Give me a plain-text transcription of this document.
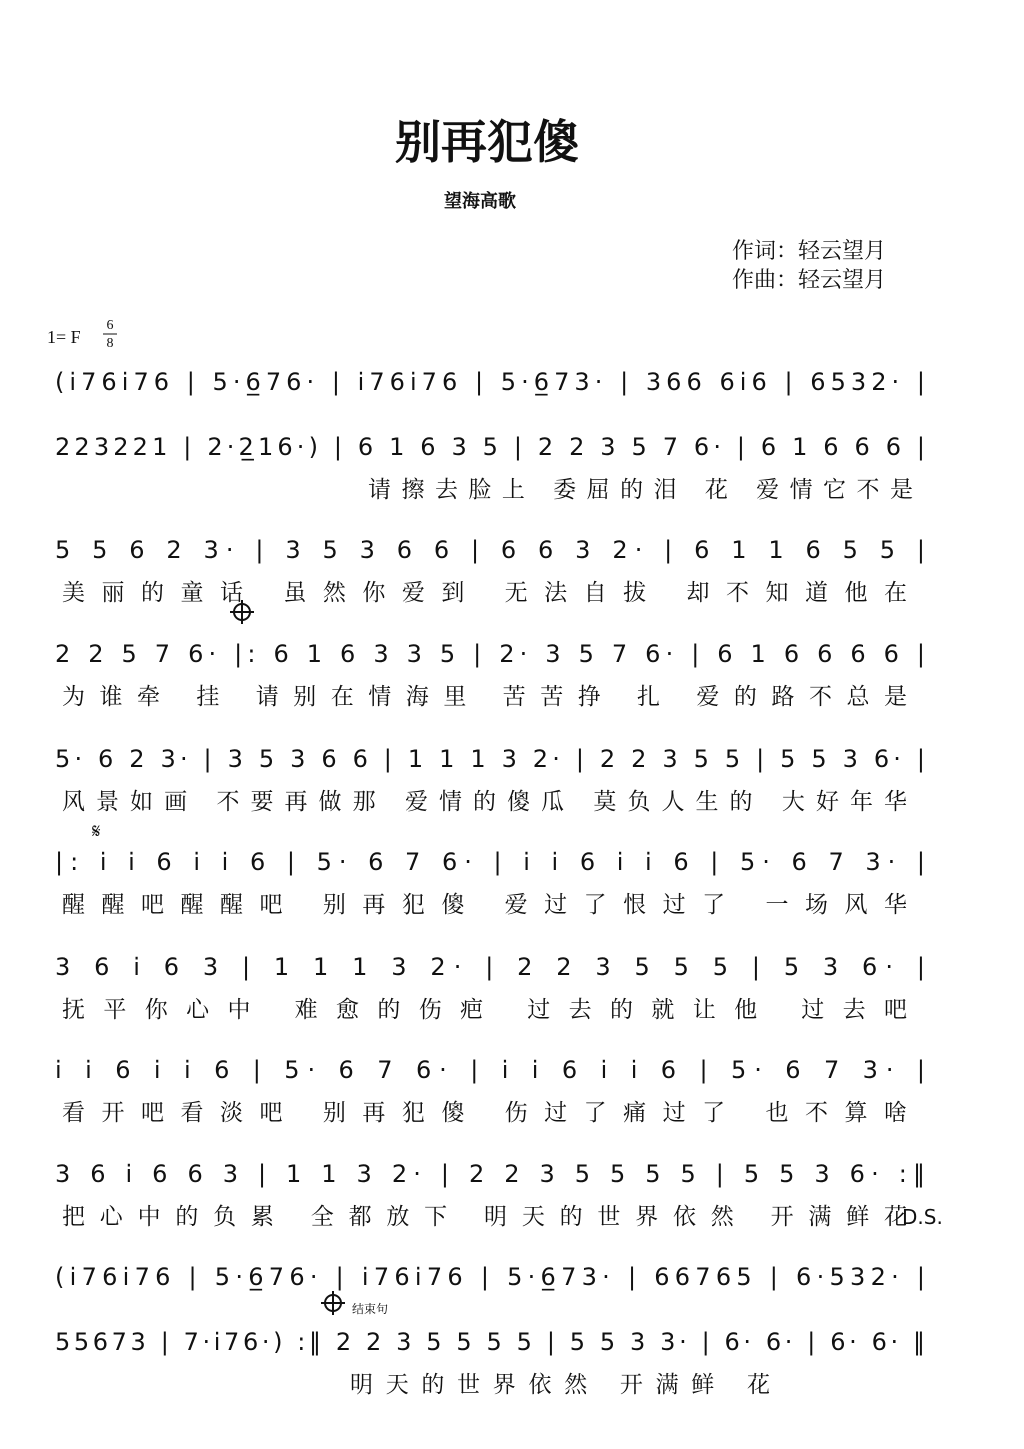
别再犯傻
望海高歌
作词：轻云望月
作曲：轻云望月
1= F
6
8
(i̇76i̇76 | 5·6̲76· | i̇76i̇76 | 5·6̲73· | 366 6i̇6 | 6532· |
223221 | 2·2̲16·) | 6 1 6 3 5 | 2 2 3 5 7 6· | 6 1 6 6 6 |
请擦去脸上 委屈的泪 花 爱情它不是
5 5 6 2 3· | 3 5 3 6 6 | 6 6 3 2· | 6 1 1 6 5 5 |
美丽的童话 虽然你爱到 无法自拔 却不知道他在
2 2 5 7 6· |: 6 1 6 3 3 5 | 2· 3 5 7 6· | 6 1 6 6 6 6 |
为谁牵 挂 请别在情海里 苦苦挣 扎 爱的路不总是
5· 6 2 3· | 3 5 3 6 6 | 1 1 1 3 2· | 2 2 3 5 5 | 5 5 3 6· |
风景如画 不要再做那 爱情的傻瓜 莫负人生的 大好年华
|: i̇ i̇ 6 i̇ i̇ 6 | 5· 6 7 6· | i̇ i̇ 6 i̇ i̇ 6 | 5· 6 7 3· |
醒醒吧醒醒吧 别再犯傻 爱过了恨过了 一场风华
3 6 i̇ 6 3 | 1 1 1 3 2· | 2 2 3 5 5 5 | 5 3 6· |
抚平你心中 难愈的伤疤 过去的就让他 过去吧
i̇ i̇ 6 i̇ i̇ 6 | 5· 6 7 6· | i̇ i̇ 6 i̇ i̇ 6 | 5· 6 7 3· |
看开吧看淡吧 别再犯傻 伤过了痛过了 也不算啥
3 6 i̇ 6 6 3 | 1 1 3 2· | 2 2 3 5 5 5 5 | 5 5 3 6· :‖
把心中的负累 全都放下 明天的世界依然 开满鲜花
(i̇76i̇76 | 5·6̲76· | i̇76i̇76 | 5·6̲73· | 66765 | 6·532· |
55673 | 7·i̇76·) :‖ 2 2 3 5 5 5 5 | 5 5 3 3· | 6· 6· | 6· 6· ‖
明天的世界依然 开满鲜 花
D.S.
结束句
𝄋
